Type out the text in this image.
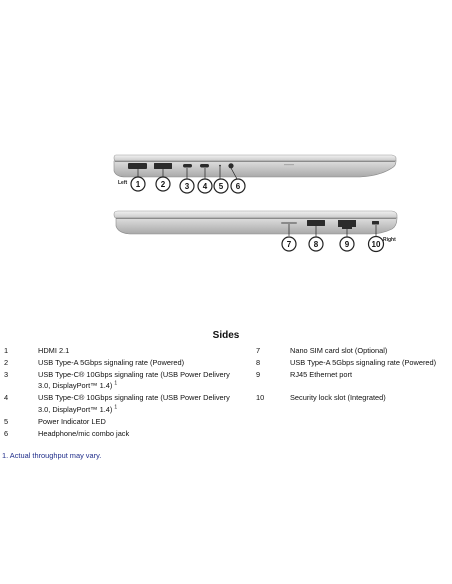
Left
Right
1	2 3 4 5 6
7	8	9	10
Sides
1	HDMI 2.1
2	USB Type-A 5Gbps signaling rate (Powered)
3	USB Type-C® 10Gbps signaling rate (USB Power Delivery
3.0, DisplayPort™ 1.4) $^1$
4	USB Type-C® 10Gbps signaling rate (USB Power Delivery
3.0, DisplayPort™ 1.4) $^1$
5	Power Indicator LED
6	Headphone/mic combo jack
7	Nano SIM card slot (Optional)
8	USB Type-A 5Gbps signaling rate (Powered)
9	RJ45 Ethernet port
10	Security lock slot (Integrated)
1. Actual throughput may vary.
